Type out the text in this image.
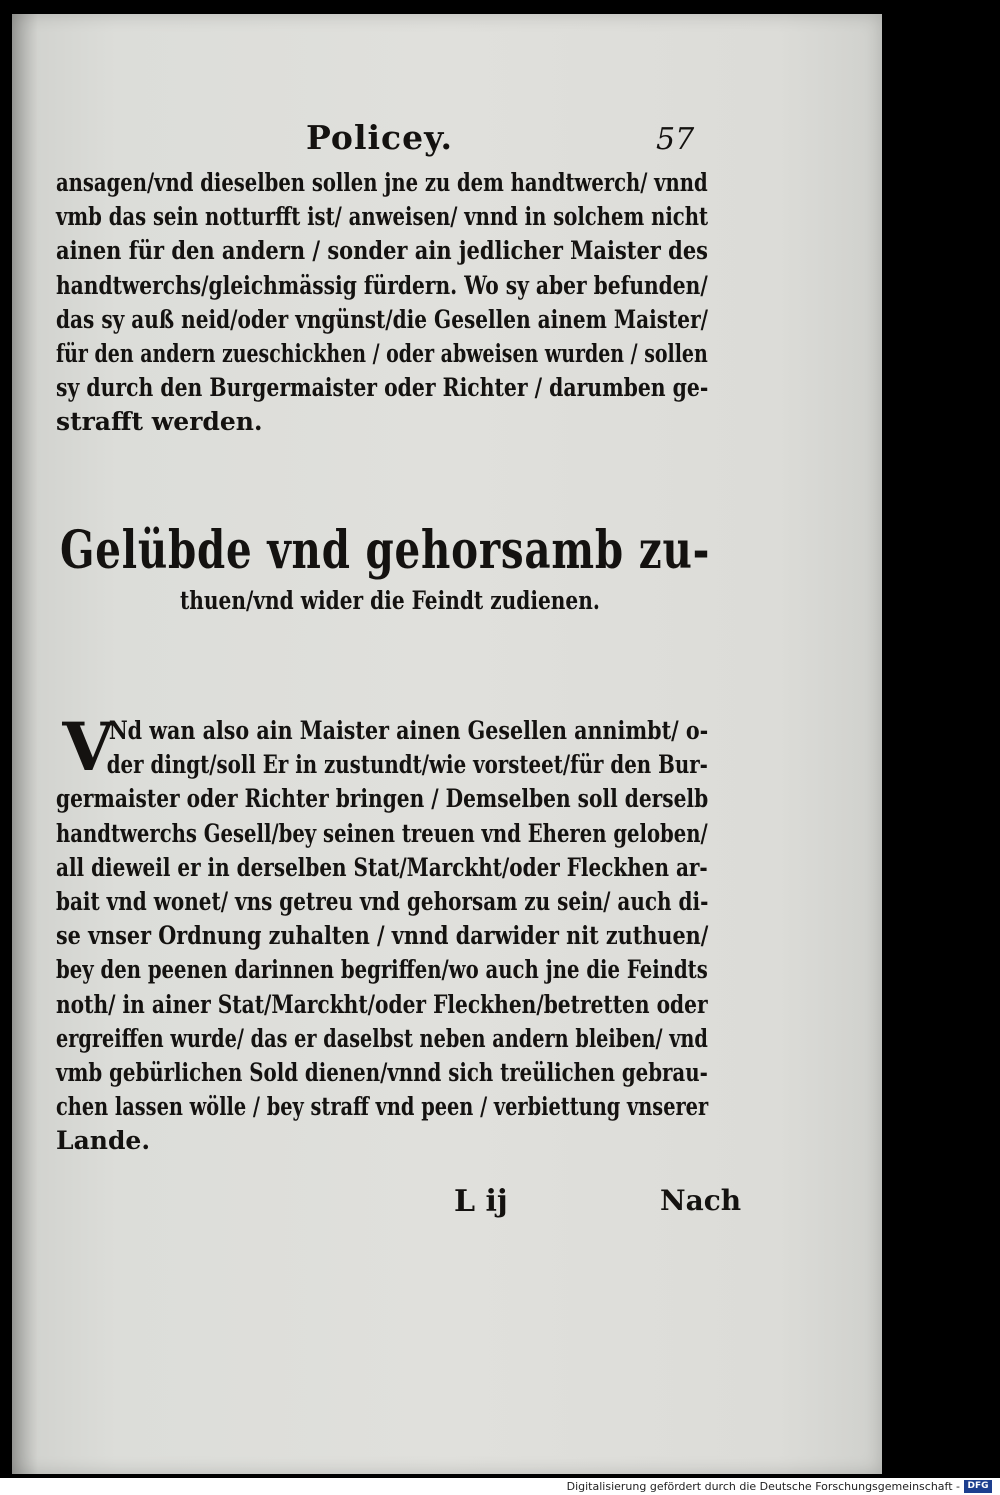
Policey.	57
ansagen/vnd dieselben sollen jne zu dem handtwerch/ vnnd
vmb das sein notturfft ist/ anweisen/ vnnd in solchem nicht
ainen für den andern / sonder ain jedlicher Maister des
handtwerchs/gleichmässig fürdern. Wo sy aber befunden/
das sy auß neid/oder vngünst/die Gesellen ainem Maister/
für den andern zueschickhen / oder abweisen wurden / sollen
sy durch den Burgermaister oder Richter / darumben ge-
strafft werden.
Gelübde vnd gehorsamb zu-
thuen/vnd wider die Feindt zudienen.
V
Nd wan also ain Maister ainen Gesellen annimbt/ o-
der dingt/soll Er in zustundt/wie vorsteet/für den Bur-
germaister oder Richter bringen / Demselben soll derselb
handtwerchs Gesell/bey seinen treuen vnd Eheren geloben/
all dieweil er in derselben Stat/Marckht/oder Fleckhen ar-
bait vnd wonet/ vns getreu vnd gehorsam zu sein/ auch di-
se vnser Ordnung zuhalten / vnnd darwider nit zuthuen/
bey den peenen darinnen begriffen/wo auch jne die Feindts
noth/ in ainer Stat/Marckht/oder Fleckhen/betretten oder
ergreiffen wurde/ das er daselbst neben andern bleiben/ vnd
vmb gebürlichen Sold dienen/vnnd sich treülichen gebrau-
chen lassen wölle / bey straff vnd peen / verbiettung vnserer
Lande.
L ij	Nach
Digitalisierung gefördert durch die Deutsche Forschungsgemeinschaft - DFG
